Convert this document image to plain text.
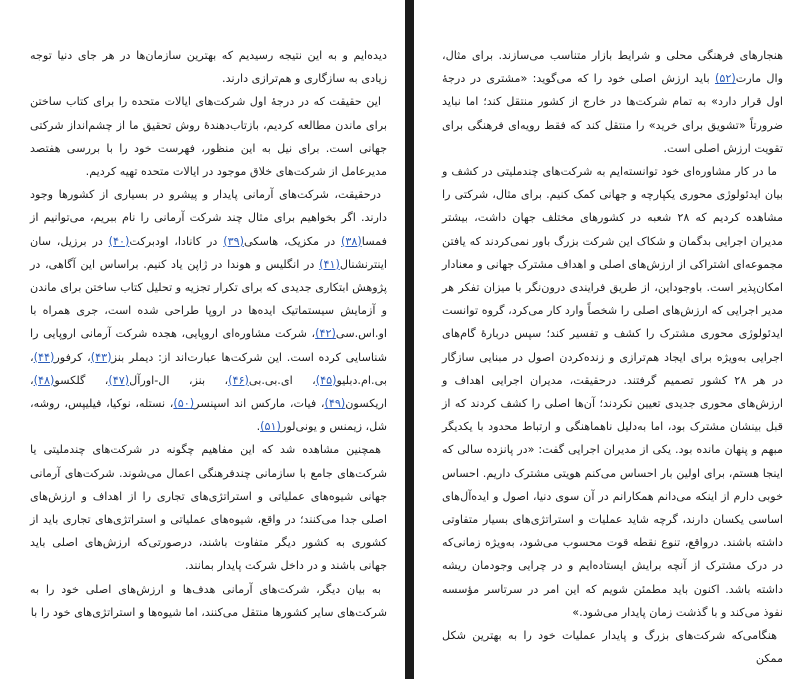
دیده‌ایم و به این نتیجه رسیدیم که بهترین سازمان‌ها در هر جای دنیا توجه زیادی به سازگاری و هم‌ترازی دارند.

این حقیقت که در درجهٔ اول شرکت‌های ایالات متحده را برای کتاب ساختن برای ماندن مطالعه کردیم، بازتاب‌دهندهٔ روش تحقیق ما از چشم‌انداز شرکتی جهانی است. برای نیل به این منظور، فهرست خود را با بررسی هفتصد مدیرعامل از شرکت‌های خلاق موجود در ایالات متحده تهیه کردیم.

درحقیقت، شرکت‌های آرمانی پایدار و پیشرو در بسیاری از کشورها وجود دارند. اگر بخواهیم برای مثال چند شرکت آرمانی را نام ببریم، می‌توانیم از فمسا(۳۸) در مکزیک، هاسکی(۳۹) در کانادا، اودبرکت(۴۰) در برزیل، سان اینترنشنال(۴۱) در انگلیس و هوندا در ژاپن یاد کنیم. براساس این آگاهی، در پژوهش ابتکاری جدیدی که برای تکرار تجزیه و تحلیل کتاب ساختن برای ماندن و آزمایش سیستماتیک ایده‌ها در اروپا طراحی شده است، جری همراه با او.اس.سی(۴۲)، شرکت مشاوره‌ای اروپایی، هجده شرکت آرمانی اروپایی را شناسایی کرده است. این شرکت‌ها عبارت‌اند از: دیملر بنز(۴۳)، کرفور(۴۴)، بی.ام.دبلیو(۴۵)، ای.بی.بی(۴۶)، بنز، ال-اورآل(۴۷)، گلکسو(۴۸)، اریکسون(۴۹)، فیات، مارکس اند اسپنسر(۵۰)، نستله، نوکیا، فیلیپس، روشه، شل، زیمنس و یونی‌لور(۵۱).

همچنین مشاهده شد که این مفاهیم چگونه در شرکت‌های چندملیتی یا شرکت‌های جامع با سازمانی چندفرهنگی اعمال می‌شوند. شرکت‌های آرمانی جهانی شیوه‌های عملیاتی و استراتژی‌های تجاری را از اهداف و ارزش‌های اصلی جدا می‌کنند؛ در واقع، شیوه‌های عملیاتی و استراتژی‌های تجاری باید از کشوری به کشور دیگر متفاوت باشند، درصورتی‌که ارزش‌های اصلی باید جهانی باشند و در داخل شرکت پایدار بمانند.

به بیان دیگر، شرکت‌های آرمانی هدف‌ها و ارزش‌های اصلی خود را به شرکت‌های سایر کشورها منتقل می‌کنند، اما شیوه‌ها و استراتژی‌های خود را با

هنجارهای فرهنگی محلی و شرایط بازار متناسب می‌سازند. برای مثال، وال مارت(۵۲) باید ارزش اصلی خود را که می‌گوید: «مشتری در درجهٔ اول قرار دارد» به تمام شرکت‌ها در خارج از کشور منتقل کند؛ اما نباید ضرورتاً «تشویق برای خرید» را منتقل کند که فقط رویه‌ای فرهنگی برای تقویت ارزش اصلی است.

ما در کار مشاوره‌ای خود توانسته‌ایم به شرکت‌های چندملیتی در کشف و بیان ایدئولوژی محوری یکپارچه و جهانی کمک کنیم. برای مثال، شرکتی را مشاهده کردیم که ۲۸ شعبه در کشورهای مختلف جهان داشت، بیشتر مدیران اجرایی بدگمان و شکاک این شرکت بزرگ باور نمی‌کردند که یافتن مجموعه‌ای اشتراکی از ارزش‌های اصلی و اهداف مشترک جهانی و معنادار امکان‌پذیر است. باوجوداین، از طریق فرایندی درون‌نگر با میزان تفکر هر مدیر اجرایی که ارزش‌های اصلی را شخصاً وارد کار می‌کرد، گروه توانست ایدئولوژی محوری مشترک را کشف و تفسیر کند؛ سپس دربارهٔ گام‌های اجرایی به‌ویژه برای ایجاد هم‌ترازی و زنده‌کردن اصول در مبنایی سازگار در هر ۲۸ کشور تصمیم گرفتند. درحقیقت، مدیران اجرایی اهداف و ارزش‌های محوری جدیدی تعیین نکردند؛ آن‌ها اصلی را کشف کردند که از قبل بینشان مشترک بود، اما به‌دلیل ناهماهنگی و ارتباط محدود با یکدیگر مبهم و پنهان مانده بود. یکی از مدیران اجرایی گفت: «در پانزده سالی که اینجا هستم، برای اولین بار احساس می‌کنم هویتی مشترک داریم. احساس خوبی دارم از اینکه می‌دانم همکارانم در آن سوی دنیا، اصول و ایده‌آل‌های اساسی یکسان دارند، گرچه شاید عملیات و استراتژی‌های بسیار متفاوتی داشته باشند. درواقع، تنوع نقطه قوت محسوب می‌شود، به‌ویژه زمانی‌که در درک مشترک از آنچه برایش ایستاده‌ایم و در چرایی وجودمان ریشه داشته باشد. اکنون باید مطمئن شویم که این امر در سرتاسر مؤسسه نفوذ می‌کند و با گذشت زمان پایدار می‌شود.»

هنگامی‌که شرکت‌های بزرگ و پایدار عملیات خود را به بهترین شکل ممکن
